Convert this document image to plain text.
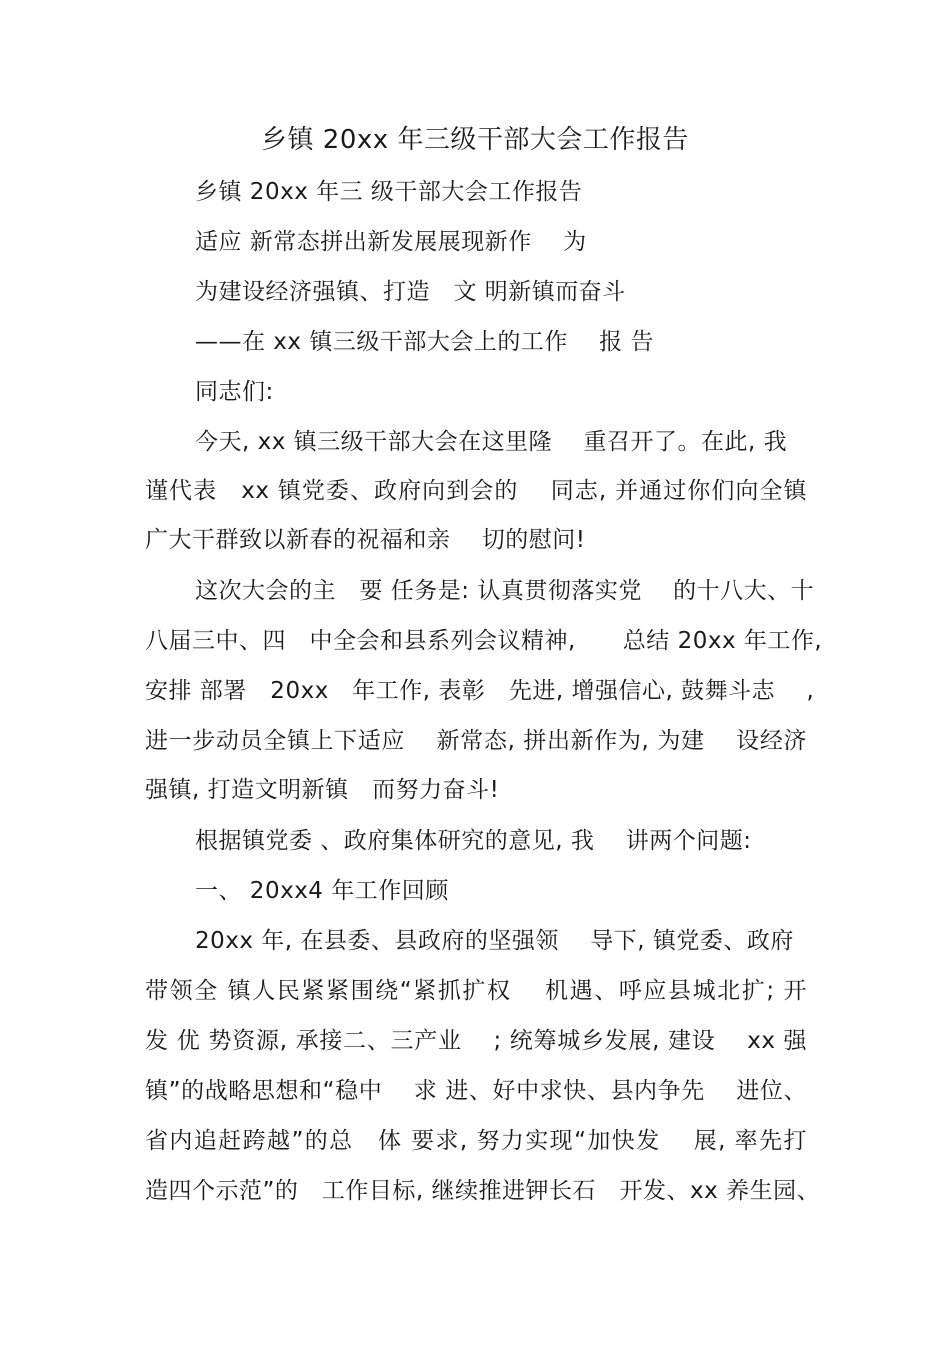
乡镇 20xx 年三级干部大会工作报告
乡镇 20xx 年三 级干部大会工作报告
适应 新常态拼出新发展展现新作　 为
为建设经济强镇、打造　文 明新镇而奋斗
——在 xx 镇三级干部大会上的工作　 报 告
同志们:
今天, xx 镇三级干部大会在这里隆　 重召开了。在此, 我
谨代表　xx 镇党委、政府向到会的　 同志, 并通过你们向全镇
广大干群致以新春的祝福和亲　 切的慰问!
这次大会的主　要 任务是: 认真贯彻落实党　 的十八大、十
八届三中、四　中全会和县系列会议精神,　　总结 20xx 年工作,
安排 部署　20xx　年工作, 表彰　先进, 增强信心, 鼓舞斗志　 ,
进一步动员全镇上下适应　 新常态, 拼出新作为, 为建　 设经济
强镇, 打造文明新镇　而努力奋斗!
根据镇党委 、政府集体研究的意见, 我　 讲两个问题:
一、 20xx4 年工作回顾
20xx 年, 在县委、县政府的坚强领　 导下, 镇党委、政府
带领全 镇人民紧紧围绕“紧抓扩权　 机遇、呼应县城北扩; 开
发 优 势资源, 承接二、三产业　 ; 统筹城乡发展, 建设　 xx 强
镇”的战略思想和“稳中　 求 进、好中求快、县内争先　 进位、
省内追赶跨越”的总　体 要求, 努力实现“加快发　 展, 率先打
造四个示范”的　工作目标, 继续推进钾长石　开发、xx 养生园、
